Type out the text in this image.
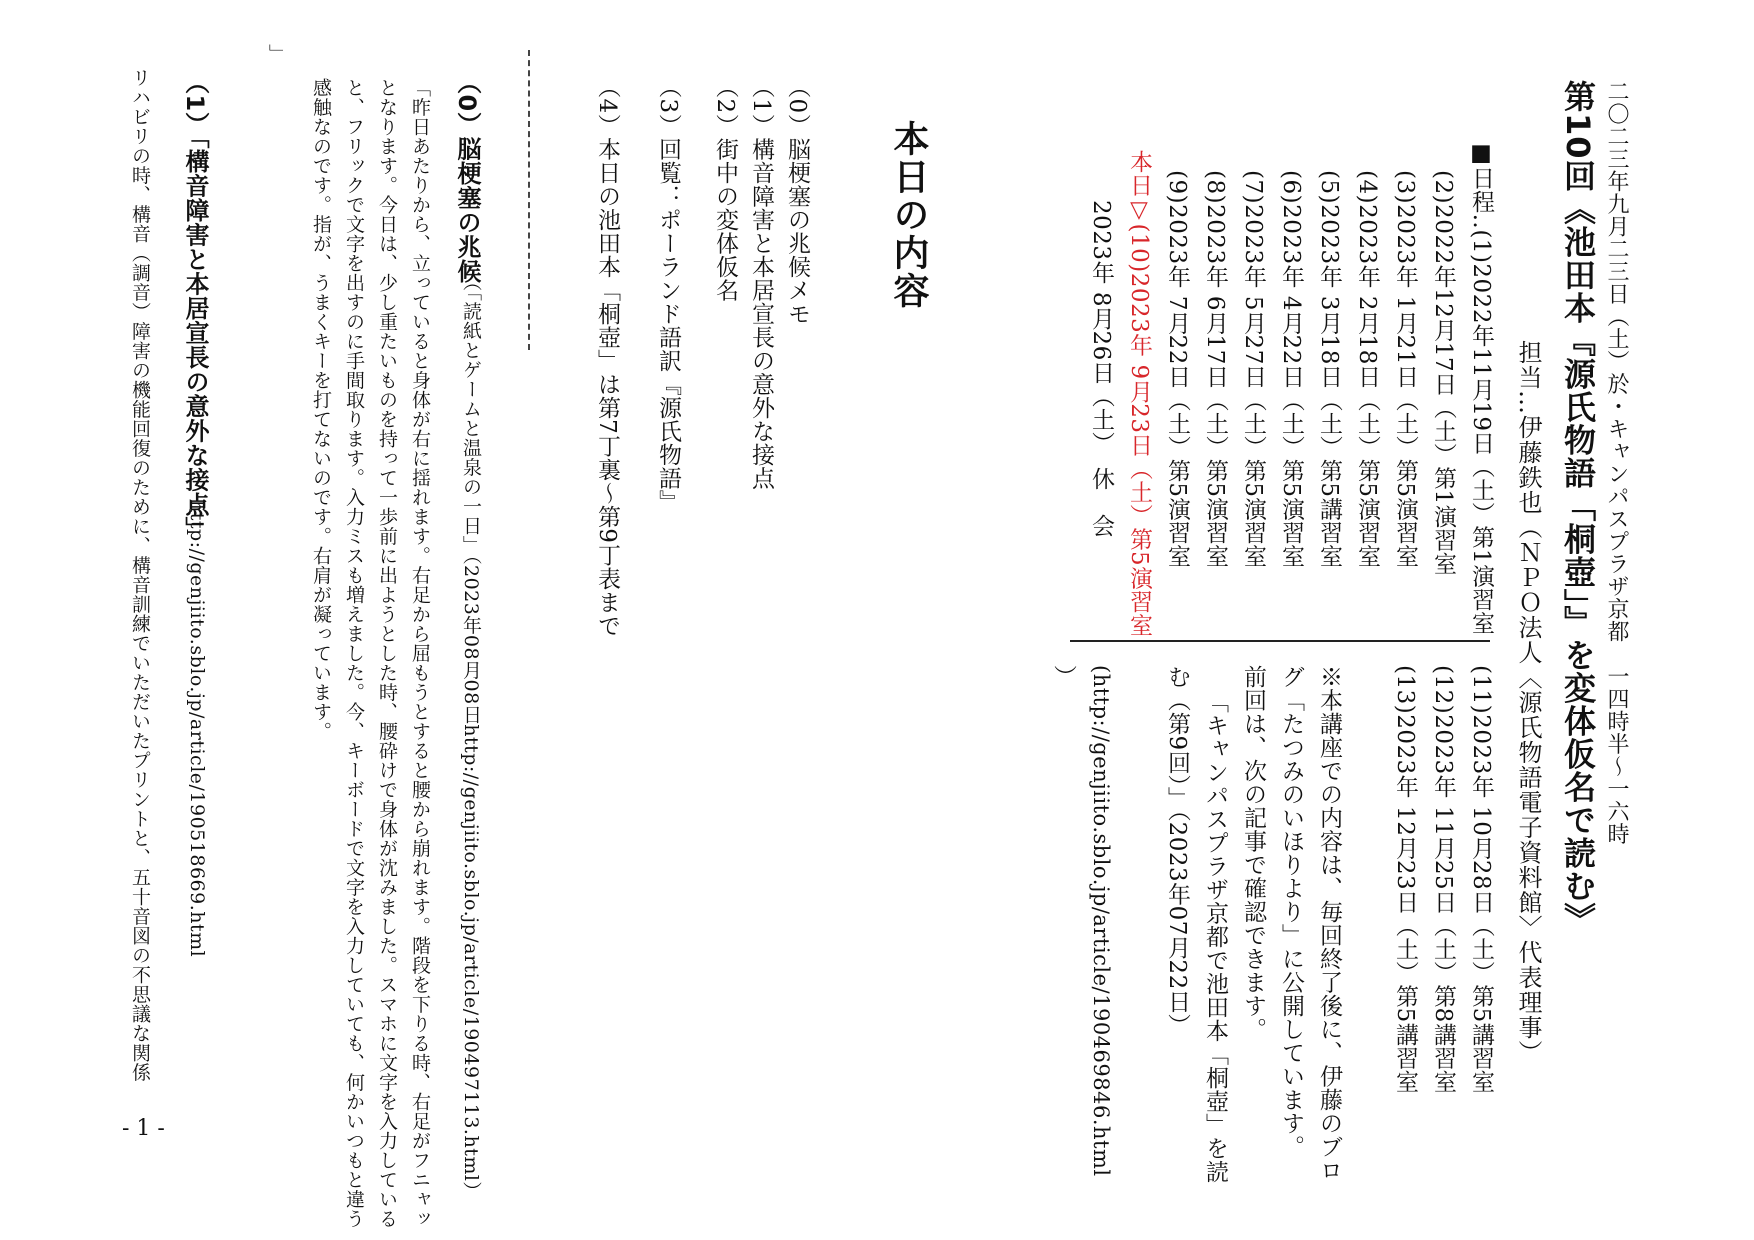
二〇二三年九月二三日（土）於・キャンパスプラザ京都　一四時半～一六時
第10回《池田本『源氏物語「桐壺」』を変体仮名で読む》
担当…伊藤鉄也（ＮＰＯ法人〈源氏物語電子資料館〉代表理事）
■日程‥(1)2022年11月19日（土）第1演習室
(2)2022年12月17日（土）第1演習室
(3)2023年 1月21日（土）第5演習室
(4)2023年 2月18日（土）第5演習室
(5)2023年 3月18日（土）第5講習室
(6)2023年 4月22日（土）第5演習室
(7)2023年 5月27日（土）第5演習室
(8)2023年 6月17日（土）第5演習室
(9)2023年 7月22日（土）第5演習室
本日▽(10)2023年 9月23日（土）第5演習室
2023年 8月26日（土）　休　会
(11)2023年 10月28日（土）第5講習室
(12)2023年 11月25日（土）第8講習室
(13)2023年 12月23日（土）第5講習室
※本講座での内容は、毎回終了後に、伊藤のブロ
グ「たつみのいほりより」に公開しています。
前回は、次の記事で確認できます。
「キャンパスプラザ京都で池田本「桐壺」を読
む（第9回）」（2023年07月22日）
(http://genjiito.sblo.jp/article/190469846.html
）
本日の内容
（0）脳梗塞の兆候メモ
（1）構音障害と本居宣長の意外な接点
（2）街中の変体仮名
（3）回覧：ポーランド語訳『源氏物語』
（4）本日の池田本「桐壺」は第7丁裏～第9丁表まで
（0）脳梗塞の兆候
（「読紙とゲームと温泉の一日」（2023年08月08日http://genjiito.sblo.jp/article/190497113.html）
「昨日あたりから、立っていると身体が右に揺れます。右足から屈もうとすると腰から崩れます。階段を下りる時、右足がフニャッ
となります。今日は、少し重たいものを持って一歩前に出ようとした時、腰砕けで身体が沈みました。スマホに文字を入力している
と、フリックで文字を出すのに手間取ります。入力ミスも増えました。今、キーボードで文字を入力していても、何かいつもと違う
感触なのです。指が、うまくキーを打てないのです。右肩が凝っています。
」
（1）「構音障害と本居宣長の意外な接点」
http://genjiito.sblo.jp/article/190518669.html
リハビリの時、構音（調音）障害の機能回復のために、構音訓練でいただいたプリントと、五十音図の不思議な関係
- 1 -
